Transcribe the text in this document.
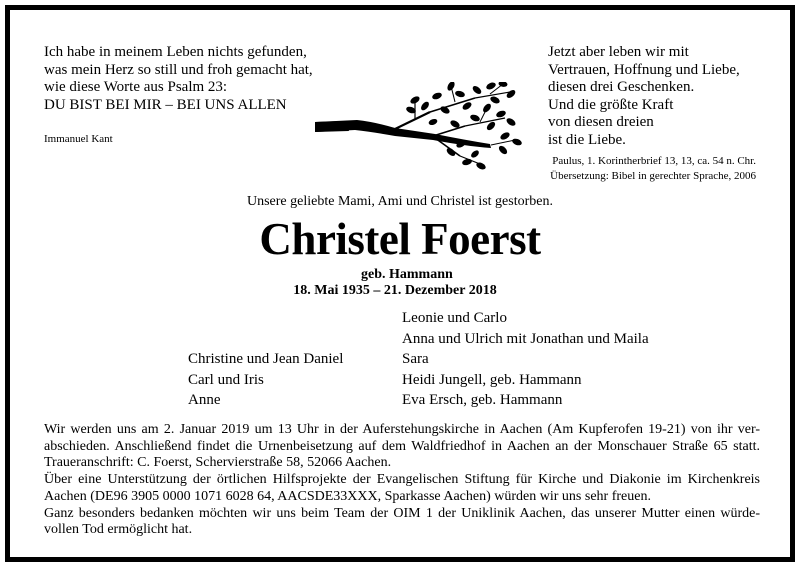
Ich habe in meinem Leben nichts gefunden,
was mein Herz so still und froh gemacht hat,
wie diese Worte aus Psalm 23:
DU BIST BEI MIR – BEI UNS ALLEN
Immanuel Kant
Jetzt aber leben wir mit
Vertrauen, Hoffnung und Liebe,
diesen drei Geschenken.
Und die größte Kraft
von diesen dreien
ist die Liebe.
Paulus, 1. Korintherbrief 13, 13, ca. 54 n. Chr.
Übersetzung: Bibel in gerechter Sprache, 2006
Unsere geliebte Mami, Ami und Christel ist gestorben.
Christel Foerst
geb. Hammann
18. Mai 1935 – 21. Dezember 2018
Christine und Jean Daniel
Carl und Iris
Anne
Leonie und Carlo
Anna und Ulrich mit Jonathan und Maila
Sara
Heidi Jungell, geb. Hammann
Eva Ersch, geb. Hammann
Wir werden uns am 2. Januar 2019 um 13 Uhr in der Auferstehungskirche in Aachen (Am Kupferofen 19-21) von ihr ver-
abschieden. Anschließend findet die Urnenbeisetzung auf dem Waldfriedhof in Aachen an der Monschauer Straße 65 statt.
Traueranschrift: C. Foerst, Schervierstraße 58, 52066 Aachen.
Über eine Unterstützung der örtlichen Hilfsprojekte der Evangelischen Stiftung für Kirche und Diakonie im Kirchenkreis
Aachen (DE96 3905 0000 1071 6028 64, AACSDE33XXX, Sparkasse Aachen) würden wir uns sehr freuen.
Ganz besonders bedanken möchten wir uns beim Team der OIM 1 der Uniklinik Aachen, das unserer Mutter einen würde-
vollen Tod ermöglicht hat.
